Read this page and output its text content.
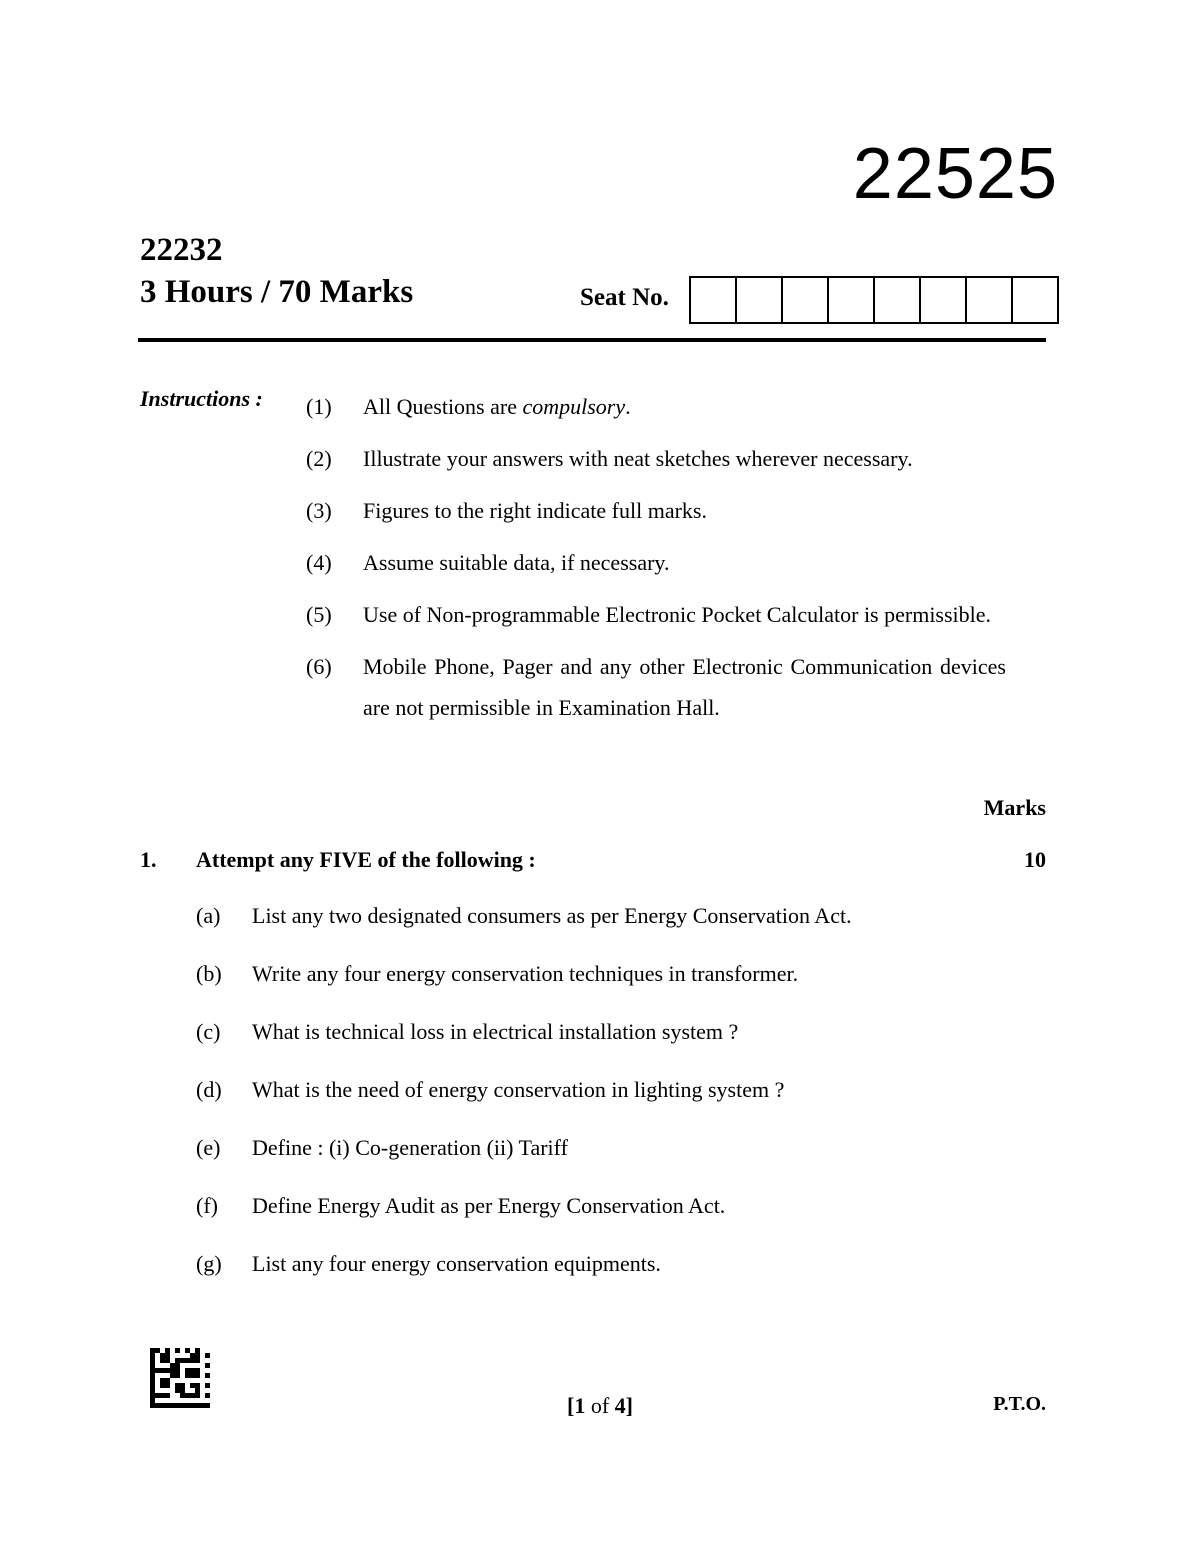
22525
22232
3 Hours / 70 Marks	Seat No.
Instructions : (1)	All Questions are compulsory.
(2)	Illustrate your answers with neat sketches wherever necessary.
(3)	Figures to the right indicate full marks.
(4)	Assume suitable data, if necessary.
(5)	Use of Non-programmable Electronic Pocket Calculator is permissible.
(6)	Mobile Phone, Pager and any other Electronic Communication devices are not permissible in Examination Hall.
Marks
1. Attempt any FIVE of the following :	10
(a)	List any two designated consumers as per Energy Conservation Act.
(b)	Write any four energy conservation techniques in transformer.
(c)	What is technical loss in electrical installation system ?
(d)	What is the need of energy conservation in lighting system ?
(e)	Define : (i) Co-generation (ii) Tariff
(f)	Define Energy Audit as per Energy Conservation Act.
(g)	List any four energy conservation equipments.
[1 of 4]	P.T.O.
